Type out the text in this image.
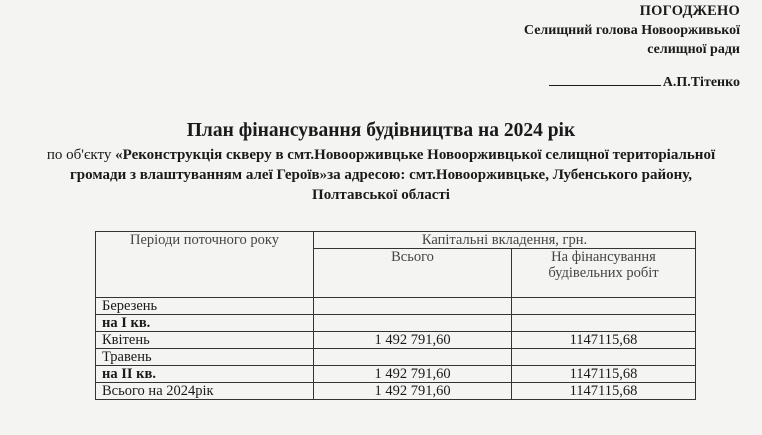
ПОГОДЖЕНО
Селищний голова Новоорживької
селищної ради
А.П.Тітенко
План фінансування будівництва на 2024 рік

по об'єкту «Реконструкція скверу в смт.Новоорживцьке Новоорживцької селищної територіальної громади з влаштуванням алеї Героїв»за адресою: смт.Новоорживцьке, Лубенського району, Полтавської області

Періоди поточного року	Капітальні вкладення, грн.	
	Всього	На фінансування будівельних робіт
Березень		
на І кв.		
Квітень	1 492 791,60	1147115,68
Травень		
на ІІ кв.	1 492 791,60	1147115,68
Всього на 2024рік	1 492 791,60	1147115,68
